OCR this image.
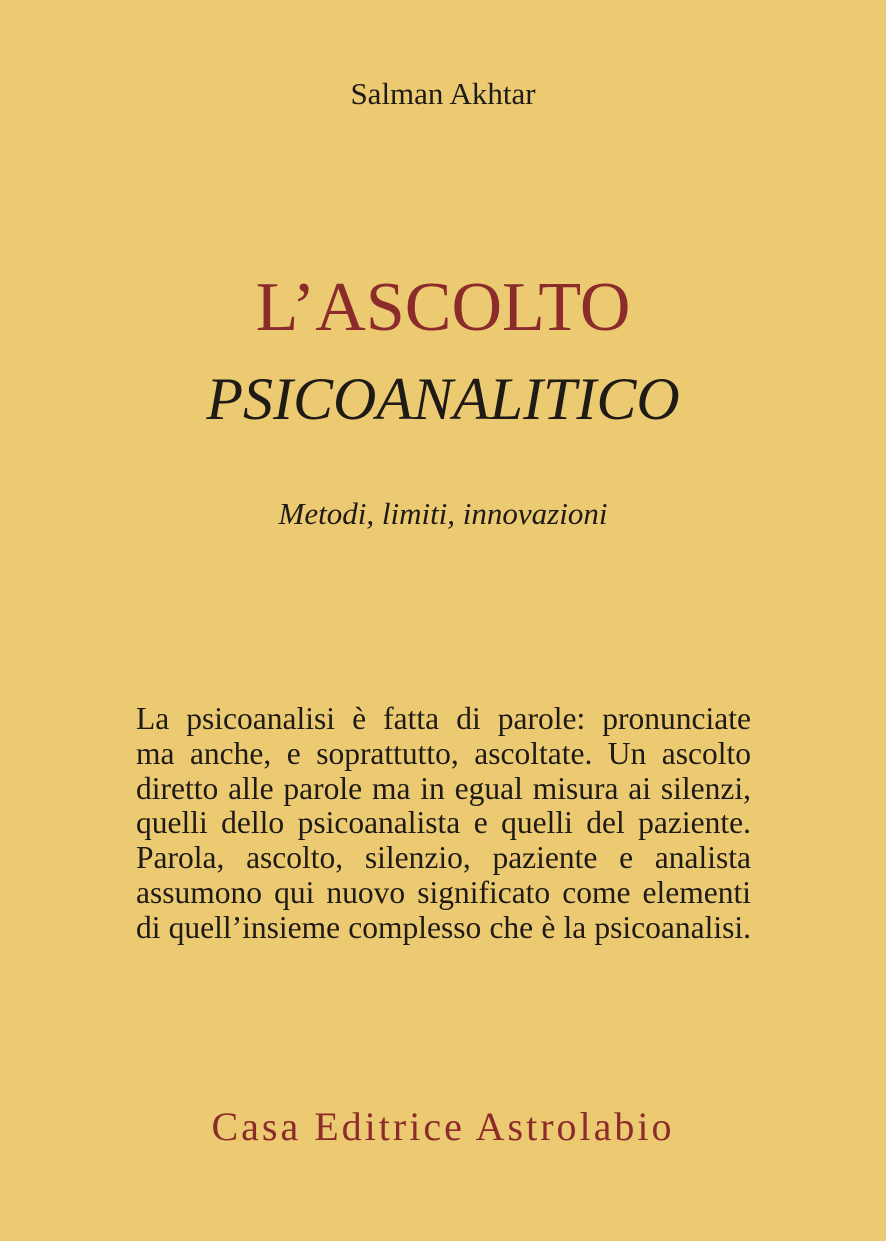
Salman Akhtar
L’ASCOLTO
PSICOANALITICO
Metodi, limiti, innovazioni
La psicoanalisi è fatta di parole: pronunciate
ma anche, e soprattutto, ascoltate. Un ascolto
diretto alle parole ma in egual misura ai silenzi,
quelli dello psicoanalista e quelli del paziente.
Parola, ascolto, silenzio, paziente e analista
assumono qui nuovo significato come elementi
di quell’insieme complesso che è la psicoanalisi.
Casa Editrice Astrolabio
